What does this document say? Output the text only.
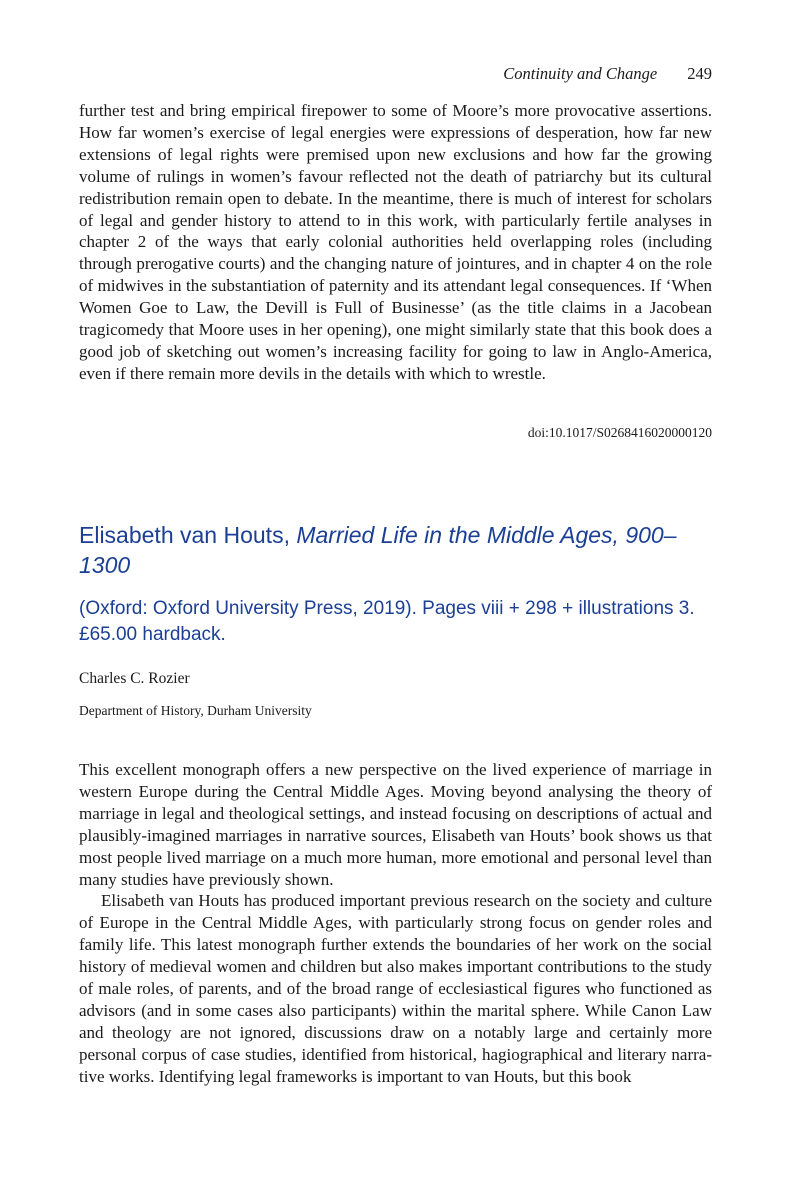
Continuity and Change 249

further test and bring empirical firepower to some of Moore’s more provocative assertions. How far women’s exercise of legal energies were expressions of desperation, how far new extensions of legal rights were premised upon new exclusions and how far the growing volume of rulings in women’s favour reflected not the death of patriarchy but its cultural redistribution remain open to debate. In the meantime, there is much of interest for scholars of legal and gender history to attend to in this work, with particularly fertile analyses in chapter 2 of the ways that early colonial authorities held overlapping roles (including through prerogative courts) and the changing nature of jointures, and in chapter 4 on the role of midwives in the substantiation of paternity and its attendant legal consequences. If ‘When Women Goe to Law, the Devill is Full of Businesse’ (as the title claims in a Jacobean tragicomedy that Moore uses in her opening), one might similarly state that this book does a good job of sketching out women’s increasing facility for going to law in Anglo-America, even if there remain more devils in the details with which to wrestle.

doi:10.1017/S0268416020000120
Elisabeth van Houts, Married Life in the Middle Ages, 900–1300

(Oxford: Oxford University Press, 2019). Pages viii + 298 + illustrations 3. £65.00 hardback.

Charles C. Rozier
Department of History, Durham University

This excellent monograph offers a new perspective on the lived experience of marriage in western Europe during the Central Middle Ages. Moving beyond analysing the theory of marriage in legal and theological settings, and instead focusing on descriptions of actual and plausibly-imagined marriages in narrative sources, Elisabeth van Houts’ book shows us that most people lived marriage on a much more human, more emotional and personal level than many studies have previously shown.

Elisabeth van Houts has produced important previous research on the society and culture of Europe in the Central Middle Ages, with particularly strong focus on gender roles and family life. This latest monograph further extends the boundaries of her work on the social history of medieval women and children but also makes important contributions to the study of male roles, of parents, and of the broad range of ecclesiastical figures who functioned as advisors (and in some cases also participants) within the marital sphere. While Canon Law and theology are not ignored, discussions draw on a notably large and certainly more personal corpus of case studies, identified from historical, hagiographical and literary narrative works. Identifying legal frameworks is important to van Houts, but this book
